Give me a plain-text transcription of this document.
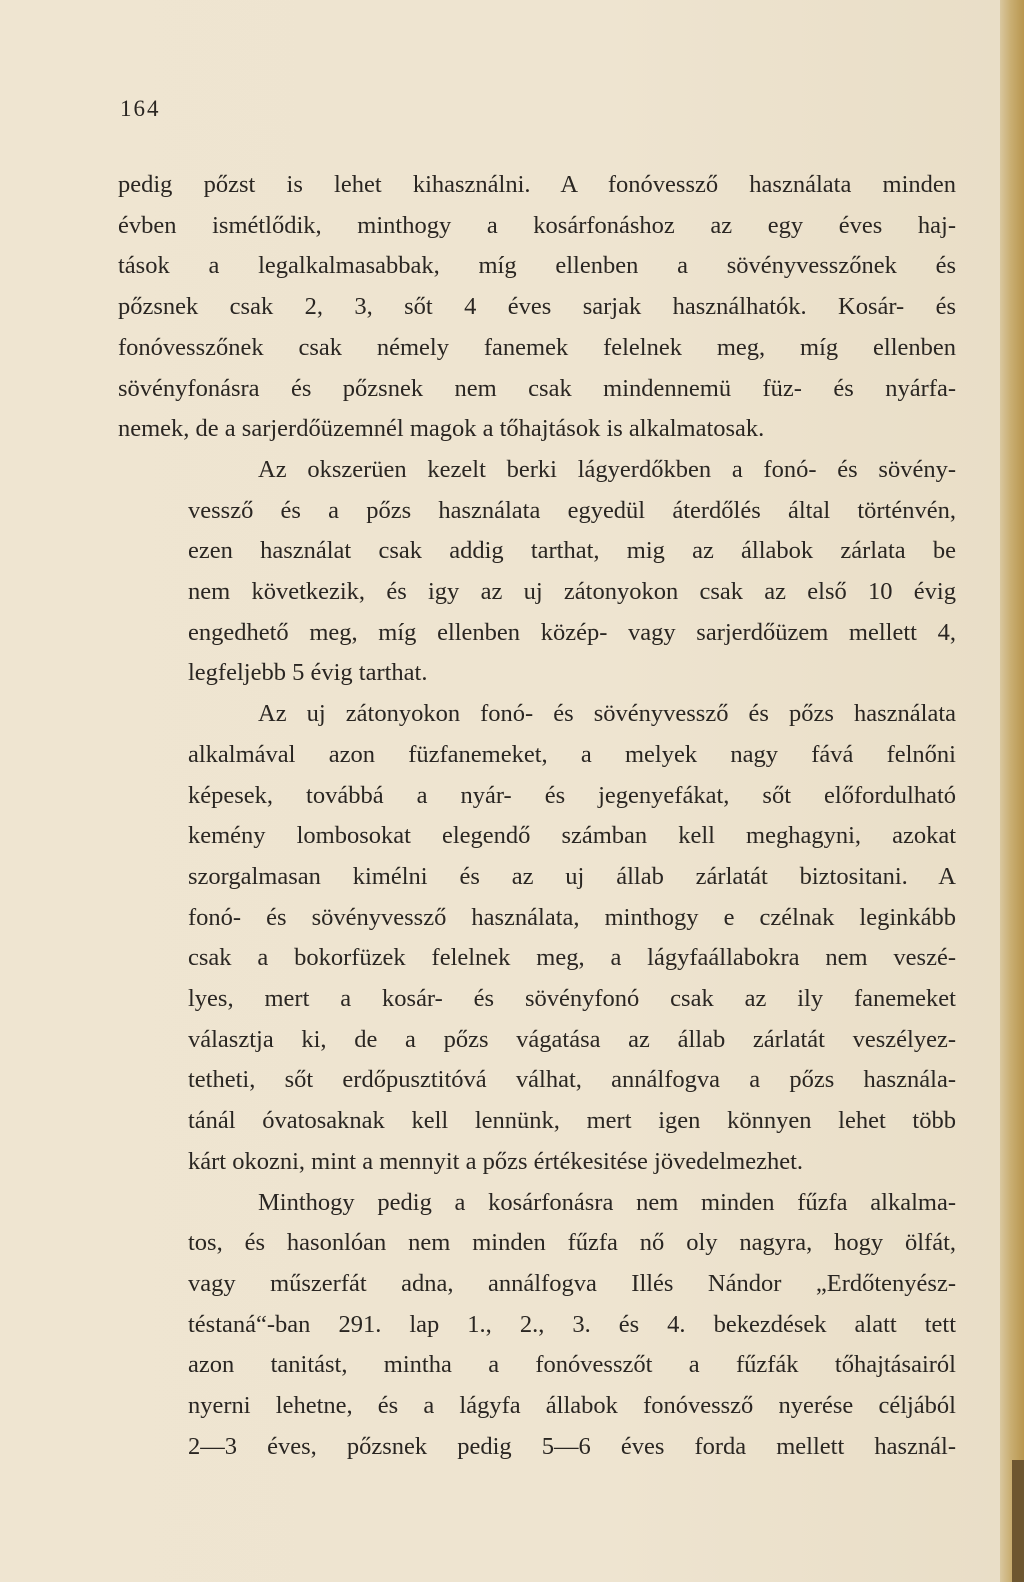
164

pedig pőzst is lehet kihasználni. A fonóvessző használata minden
évben ismétlődik, minthogy a kosárfonáshoz az egy éves haj-
tások a legalkalmasabbak, míg ellenben a sövényvesszőnek és
pőzsnek csak 2, 3, sőt 4 éves sarjak használhatók. Kosár- és
fonóvesszőnek csak némely fanemek felelnek meg, míg ellenben
sövényfonásra és pőzsnek nem csak mindennemü füz- és nyárfa-
nemek, de a sarjerdőüzemnél magok a tőhajtások is alkalmatosak.

Az okszerüen kezelt berki lágyerdőkben a fonó- és sövény-
vessző és a pőzs használata egyedül áterdőlés által történvén,
ezen használat csak addig tarthat, mig az állabok zárlata be
nem következik, és igy az uj zátonyokon csak az első 10 évig
engedhető meg, míg ellenben közép- vagy sarjerdőüzem mellett 4,
legfeljebb 5 évig tarthat.

Az uj zátonyokon fonó- és sövényvessző és pőzs használata
alkalmával azon füzfanemeket, a melyek nagy fává felnőni
képesek, továbbá a nyár- és jegenyefákat, sőt előfordulható
kemény lombosokat elegendő számban kell meghagyni, azokat
szorgalmasan kimélni és az uj állab zárlatát biztositani. A
fonó- és sövényvessző használata, minthogy e czélnak leginkább
csak a bokorfüzek felelnek meg, a lágyfaállabokra nem veszé-
lyes, mert a kosár- és sövényfonó csak az ily fanemeket
választja ki, de a pőzs vágatása az állab zárlatát veszélyez-
tetheti, sőt erdőpusztitóvá válhat, annálfogva a pőzs használa-
tánál óvatosaknak kell lennünk, mert igen könnyen lehet több
kárt okozni, mint a mennyit a pőzs értékesitése jövedelmezhet.

Minthogy pedig a kosárfonásra nem minden fűzfa alkalma-
tos, és hasonlóan nem minden fűzfa nő oly nagyra, hogy ölfát,
vagy műszerfát adna, annálfogva Illés Nándor „Erdőtenyész-
téstaná“-ban 291. lap 1., 2., 3. és 4. bekezdések alatt tett
azon tanitást, mintha a fonóvesszőt a fűzfák tőhajtásairól
nyerni lehetne, és a lágyfa állabok fonóvessző nyerése céljából
2—3 éves, pőzsnek pedig 5—6 éves forda mellett használ-
